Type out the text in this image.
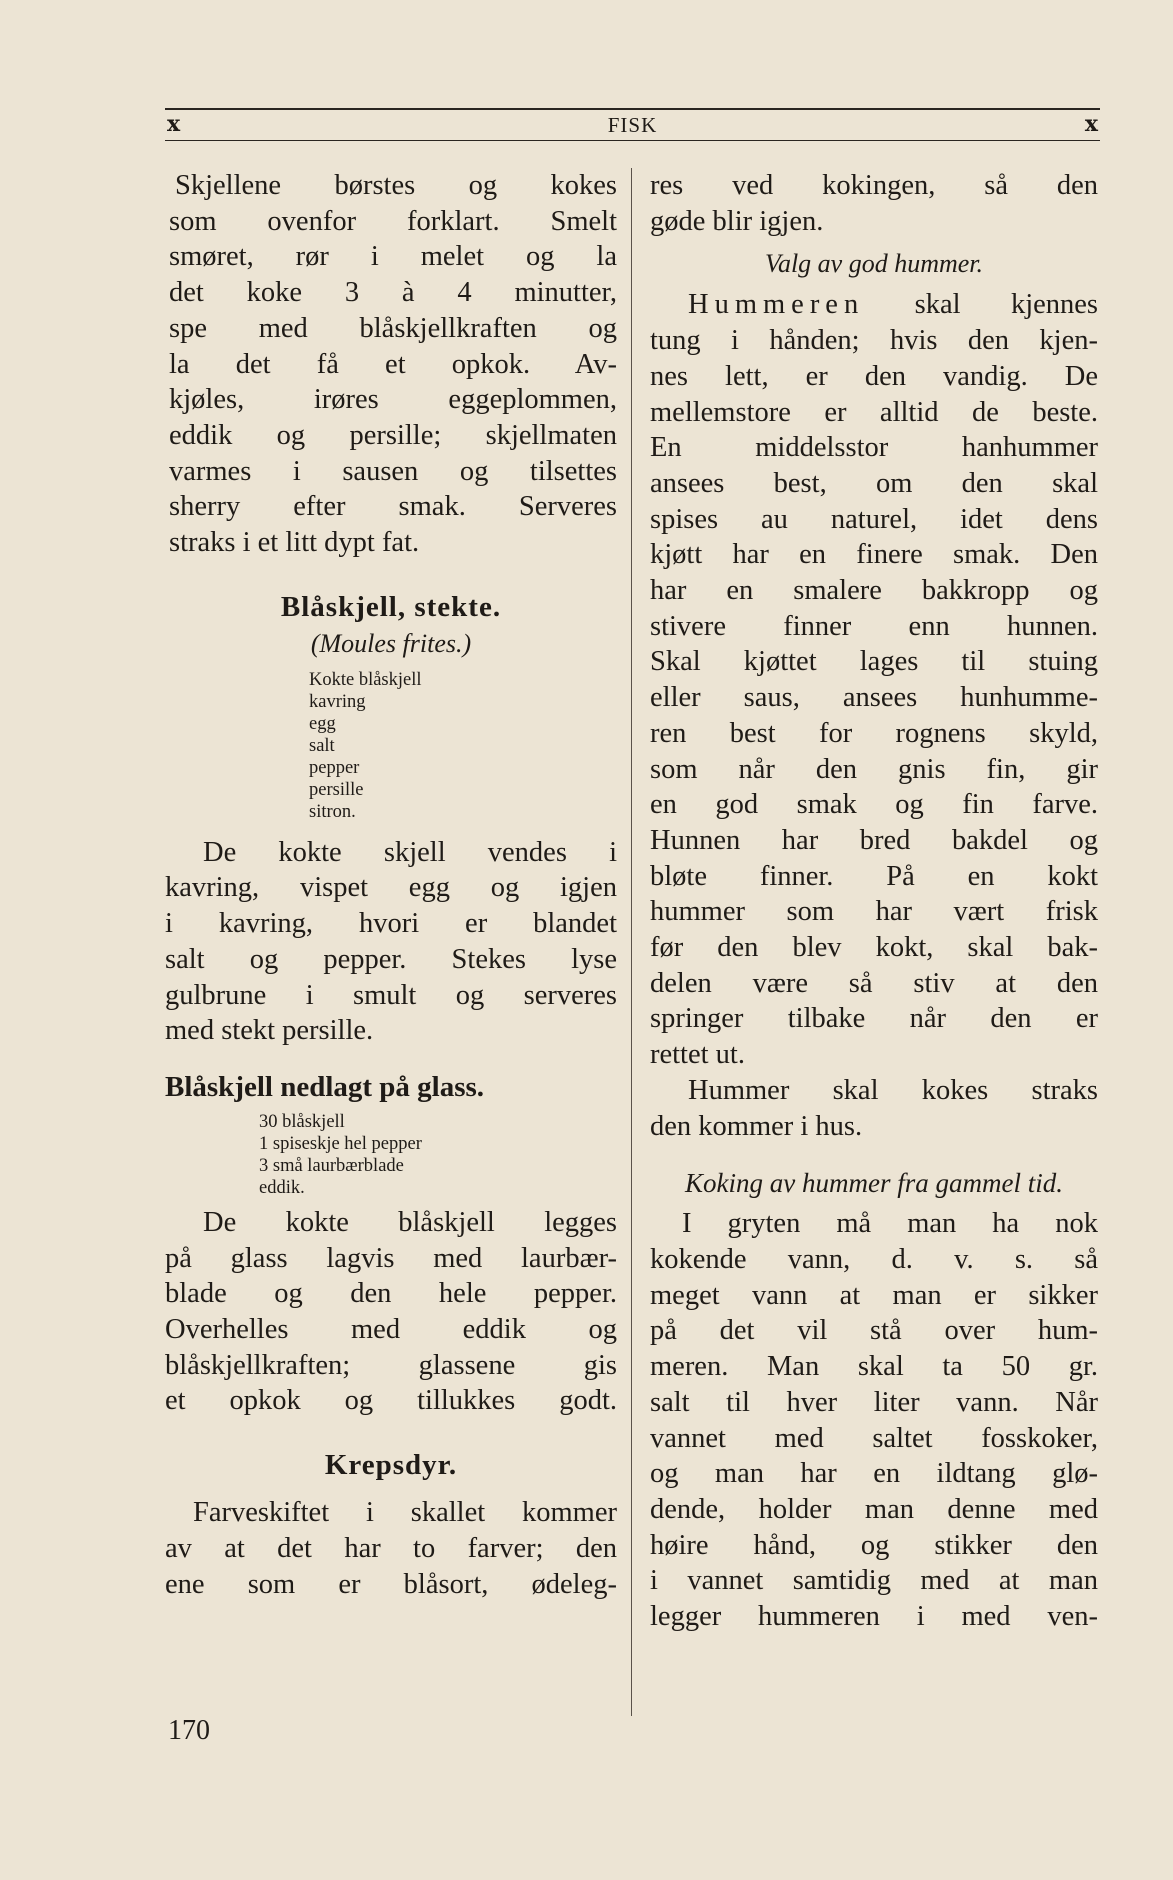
x	FISK	x
Skjellene børstes og kokes
som ovenfor forklart. Smelt
smøret, rør i melet og la
det koke 3 à 4 minutter,
spe med blåskjellkraften og
la det få et opkok. Av-
kjøles, irøres eggeplommen,
eddik og persille; skjellmaten
varmes i sausen og tilsettes
sherry efter smak. Serveres
straks i et litt dypt fat.

Blåskjell, stekte.

(Moules frites.)

Kokte blåskjell
kavring
egg
salt
pepper
persille
sitron.
De kokte skjell vendes i
kavring, vispet egg og igjen
i kavring, hvori er blandet
salt og pepper. Stekes lyse
gulbrune i smult og serveres
med stekt persille.

Blåskjell nedlagt på glass.

30 blåskjell
1 spiseskje hel pepper
3 små laurbærblade
eddik.
De kokte blåskjell legges
på glass lagvis med laurbær-
blade og den hele pepper.
Overhelles med eddik og
blåskjellkraften; glassene gis
et opkok og tillukkes godt.

Krepsdyr.

Farveskiftet i skallet kommer
av at det har to farver; den
ene som er blåsort, ødeleg-
res ved kokingen, så den
gøde blir igjen.

Valg av god hummer.

Hummeren skal kjennes
tung i hånden; hvis den kjen-
nes lett, er den vandig. De
mellemstore er alltid de beste.
En middelsstor hanhummer
ansees best, om den skal
spises au naturel, idet dens
kjøtt har en finere smak. Den
har en smalere bakkropp og
stivere finner enn hunnen.
Skal kjøttet lages til stuing
eller saus, ansees hunhumme-
ren best for rognens skyld,
som når den gnis fin, gir
en god smak og fin farve.
Hunnen har bred bakdel og
bløte finner. På en kokt
hummer som har vært frisk
før den blev kokt, skal bak-
delen være så stiv at den
springer tilbake når den er
rettet ut.
Hummer skal kokes straks
den kommer i hus.

Koking av hummer fra gammel tid.

I gryten må man ha nok
kokende vann, d. v. s. så
meget vann at man er sikker
på det vil stå over hum-
meren. Man skal ta 50 gr.
salt til hver liter vann. Når
vannet med saltet fosskoker,
og man har en ildtang glø-
dende, holder man denne med
høire hånd, og stikker den
i vannet samtidig med at man
legger hummeren i med ven-
170
